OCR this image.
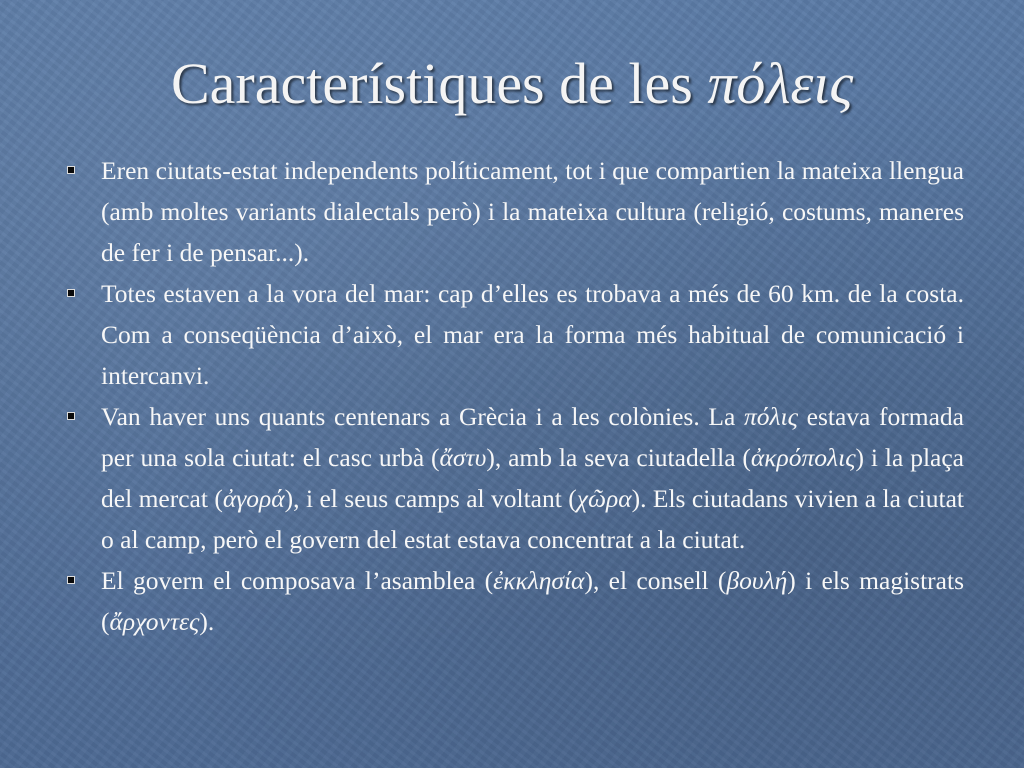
Característiques de les πόλεις
Eren ciutats-estat independents políticament, tot i que compartien la mateixa llengua (amb moltes variants dialectals però) i la mateixa cultura (religió, costums, maneres de fer i de pensar...).
Totes estaven a la vora del mar: cap d’elles es trobava a més de 60 km. de la costa. Com a conseqüència d’això, el mar era la forma més habitual de comunicació i intercanvi.
Van haver uns quants centenars a Grècia i a les colònies. La πόλις estava formada per una sola ciutat: el casc urbà (ἄστυ), amb la seva ciutadella (ἀκρόπολις) i la plaça del mercat (ἀγορά), i el seus camps al voltant (χῶρα). Els ciutadans vivien a la ciutat o al camp, però el govern del estat estava concentrat a la ciutat.
El govern el composava l’asamblea (ἐκκλησία), el consell (βουλή) i els magistrats (ἄρχοντες).
